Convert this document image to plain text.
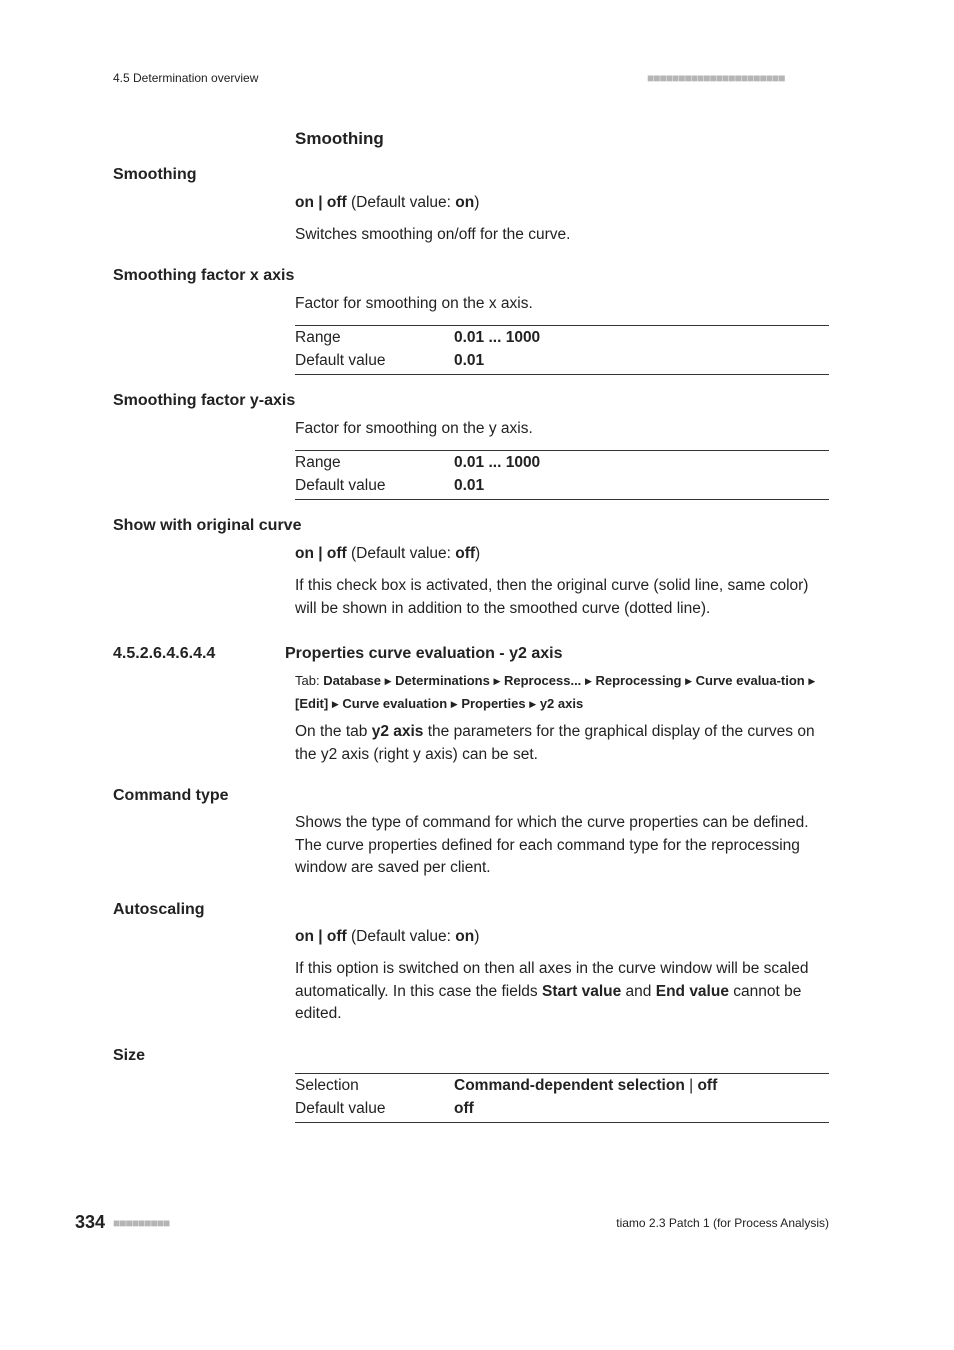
4.5 Determination overview	■■■■■■■■■■■■■■■■■■■■■■
Smoothing
Smoothing
on | off (Default value: on)
Switches smoothing on/off for the curve.
Smoothing factor x axis
Factor for smoothing on the x axis.
Range	0.01 ... 1000
Default value	0.01
Smoothing factor y-axis
Factor for smoothing on the y axis.
Range	0.01 ... 1000
Default value	0.01
Show with original curve
on | off (Default value: off)
If this check box is activated, then the original curve (solid line, same color) will be shown in addition to the smoothed curve (dotted line).
4.5.2.6.4.6.4.4	Properties curve evaluation - y2 axis
Tab: Database ▶ Determinations ▶ Reprocess... ▶ Reprocessing ▶ Curve evalua-tion ▶ [Edit] ▶ Curve evaluation ▶ Properties ▶ y2 axis
On the tab y2 axis the parameters for the graphical display of the curves on the y2 axis (right y axis) can be set.
Command type
Shows the type of command for which the curve properties can be defined. The curve properties defined for each command type for the reprocessing window are saved per client.
Autoscaling
on | off (Default value: on)
If this option is switched on then all axes in the curve window will be scaled automatically. In this case the fields Start value and End value cannot be edited.
Size
Selection	Command-dependent selection | off
Default value	off
334 ■■■■■■■■■	tiamo 2.3 Patch 1 (for Process Analysis)
